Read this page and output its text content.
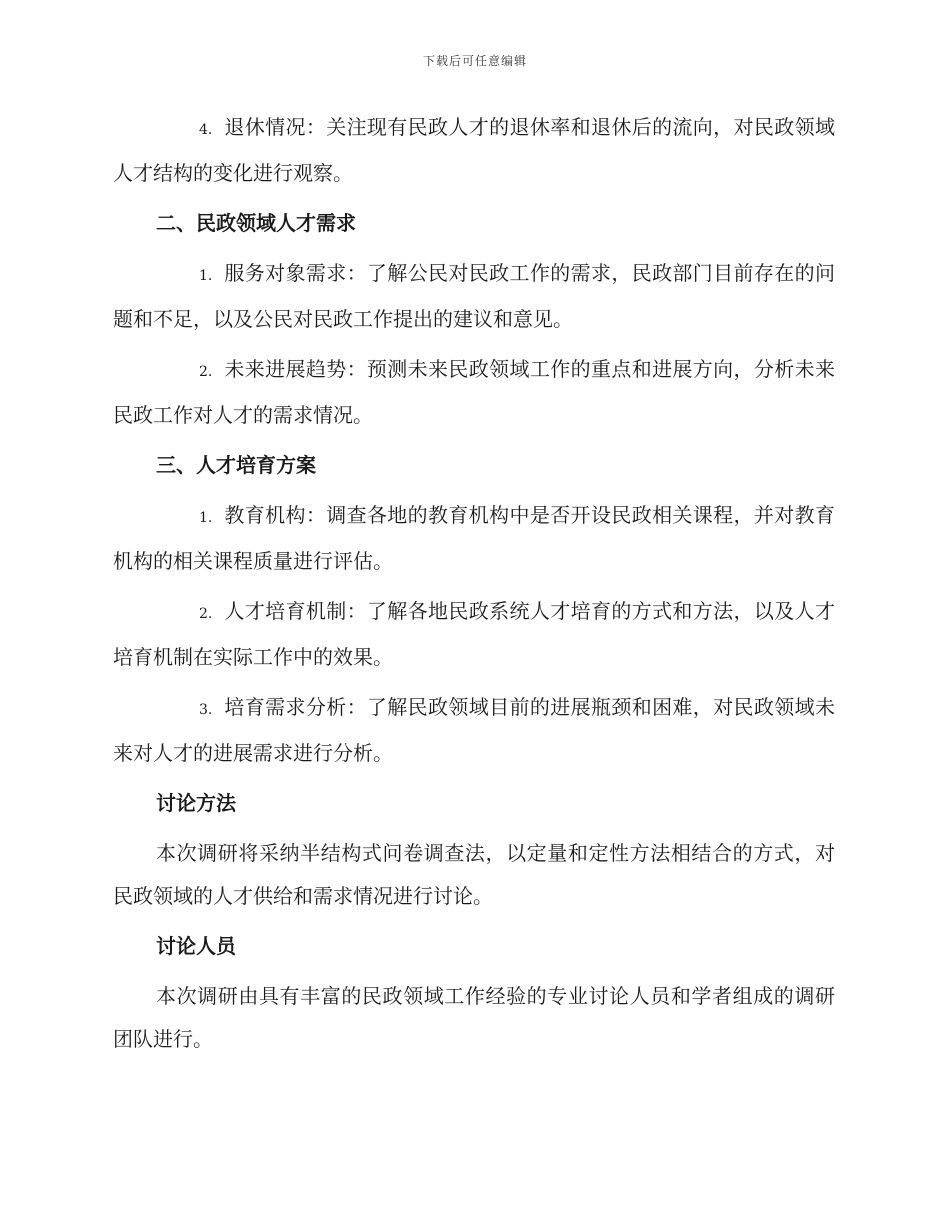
下载后可任意编辑

4. 退休情况：关注现有民政人才的退休率和退休后的流向，对民政领域人才结构的变化进行观察。

二、民政领域人才需求

1. 服务对象需求：了解公民对民政工作的需求，民政部门目前存在的问题和不足，以及公民对民政工作提出的建议和意见。

2. 未来进展趋势：预测未来民政领域工作的重点和进展方向，分析未来民政工作对人才的需求情况。

三、人才培育方案

1. 教育机构：调查各地的教育机构中是否开设民政相关课程，并对教育机构的相关课程质量进行评估。

2. 人才培育机制：了解各地民政系统人才培育的方式和方法，以及人才培育机制在实际工作中的效果。

3. 培育需求分析：了解民政领域目前的进展瓶颈和困难，对民政领域未来对人才的进展需求进行分析。

讨论方法

本次调研将采纳半结构式问卷调查法，以定量和定性方法相结合的方式，对民政领域的人才供给和需求情况进行讨论。

讨论人员

本次调研由具有丰富的民政领域工作经验的专业讨论人员和学者组成的调研团队进行。
